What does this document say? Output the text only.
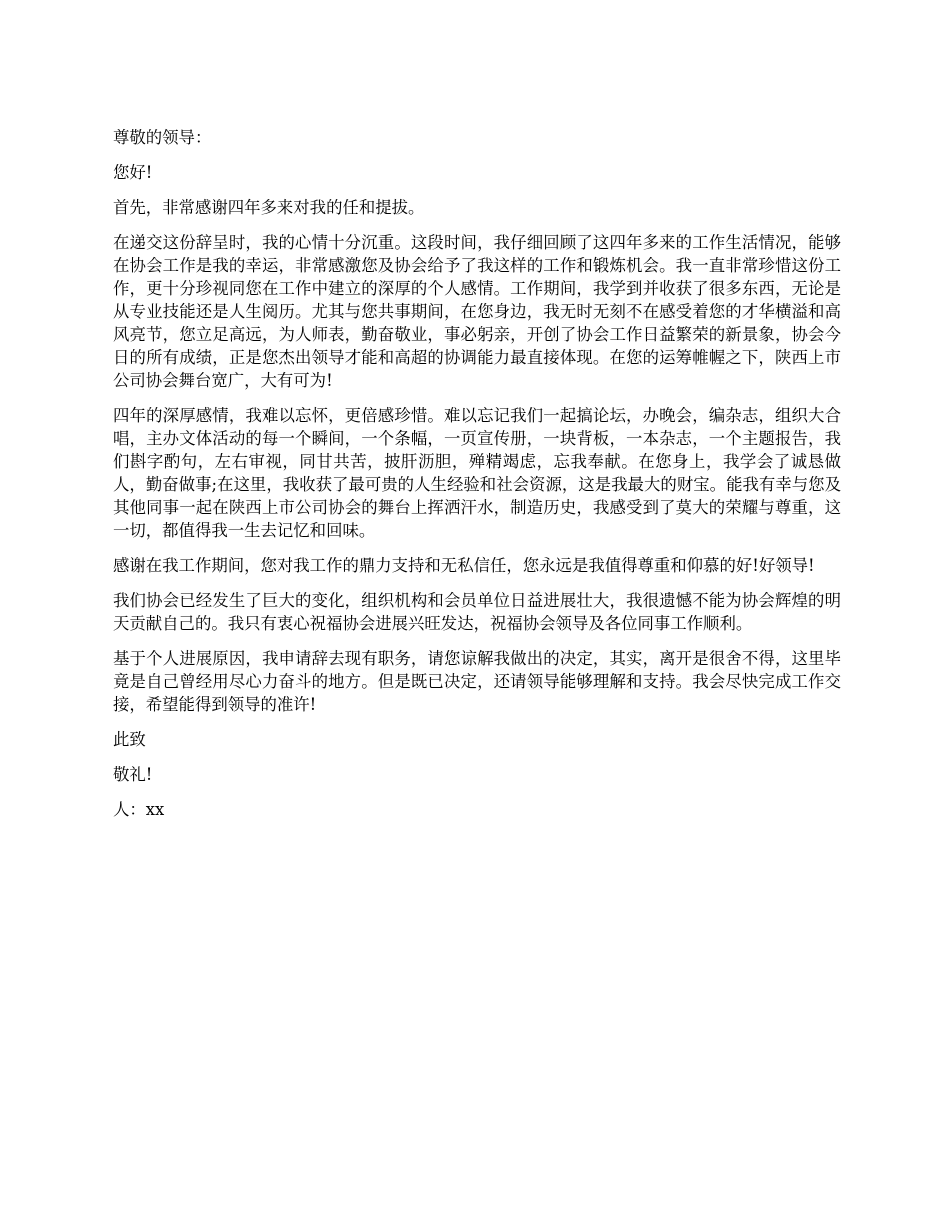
尊敬的领导：

您好!

首先，非常感谢四年多来对我的任和提拔。

在递交这份辞呈时，我的心情十分沉重。这段时间，我仔细回顾了这四年多来的工作生活情况，能够在协会工作是我的幸运，非常感激您及协会给予了我这样的工作和锻炼机会。我一直非常珍惜这份工作，更十分珍视同您在工作中建立的深厚的个人感情。工作期间，我学到并收获了很多东西，无论是从专业技能还是人生阅历。尤其与您共事期间，在您身边，我无时无刻不在感受着您的才华横溢和高风亮节，您立足高远，为人师表，勤奋敬业，事必躬亲，开创了协会工作日益繁荣的新景象，协会今日的所有成绩，正是您杰出领导才能和高超的协调能力最直接体现。在您的运筹帷幄之下，陕西上市公司协会舞台宽广，大有可为!

四年的深厚感情，我难以忘怀，更倍感珍惜。难以忘记我们一起搞论坛，办晚会，编杂志，组织大合唱，主办文体活动的每一个瞬间，一个条幅，一页宣传册，一块背板，一本杂志，一个主题报告，我们斟字酌句，左右审视，同甘共苦，披肝沥胆，殚精竭虑，忘我奉献。在您身上，我学会了诚恳做人，勤奋做事;在这里，我收获了最可贵的人生经验和社会资源，这是我最大的财宝。能我有幸与您及其他同事一起在陕西上市公司协会的舞台上挥洒汗水，制造历史，我感受到了莫大的荣耀与尊重，这一切，都值得我一生去记忆和回味。

感谢在我工作期间，您对我工作的鼎力支持和无私信任，您永远是我值得尊重和仰慕的好!好领导!

我们协会已经发生了巨大的变化，组织机构和会员单位日益进展壮大，我很遗憾不能为协会辉煌的明天贡献自己的。我只有衷心祝福协会进展兴旺发达，祝福协会领导及各位同事工作顺利。

基于个人进展原因，我申请辞去现有职务，请您谅解我做出的决定，其实，离开是很舍不得，这里毕竟是自己曾经用尽心力奋斗的地方。但是既已决定，还请领导能够理解和支持。我会尽快完成工作交接，希望能得到领导的准许!

此致

敬礼!

人：xx
